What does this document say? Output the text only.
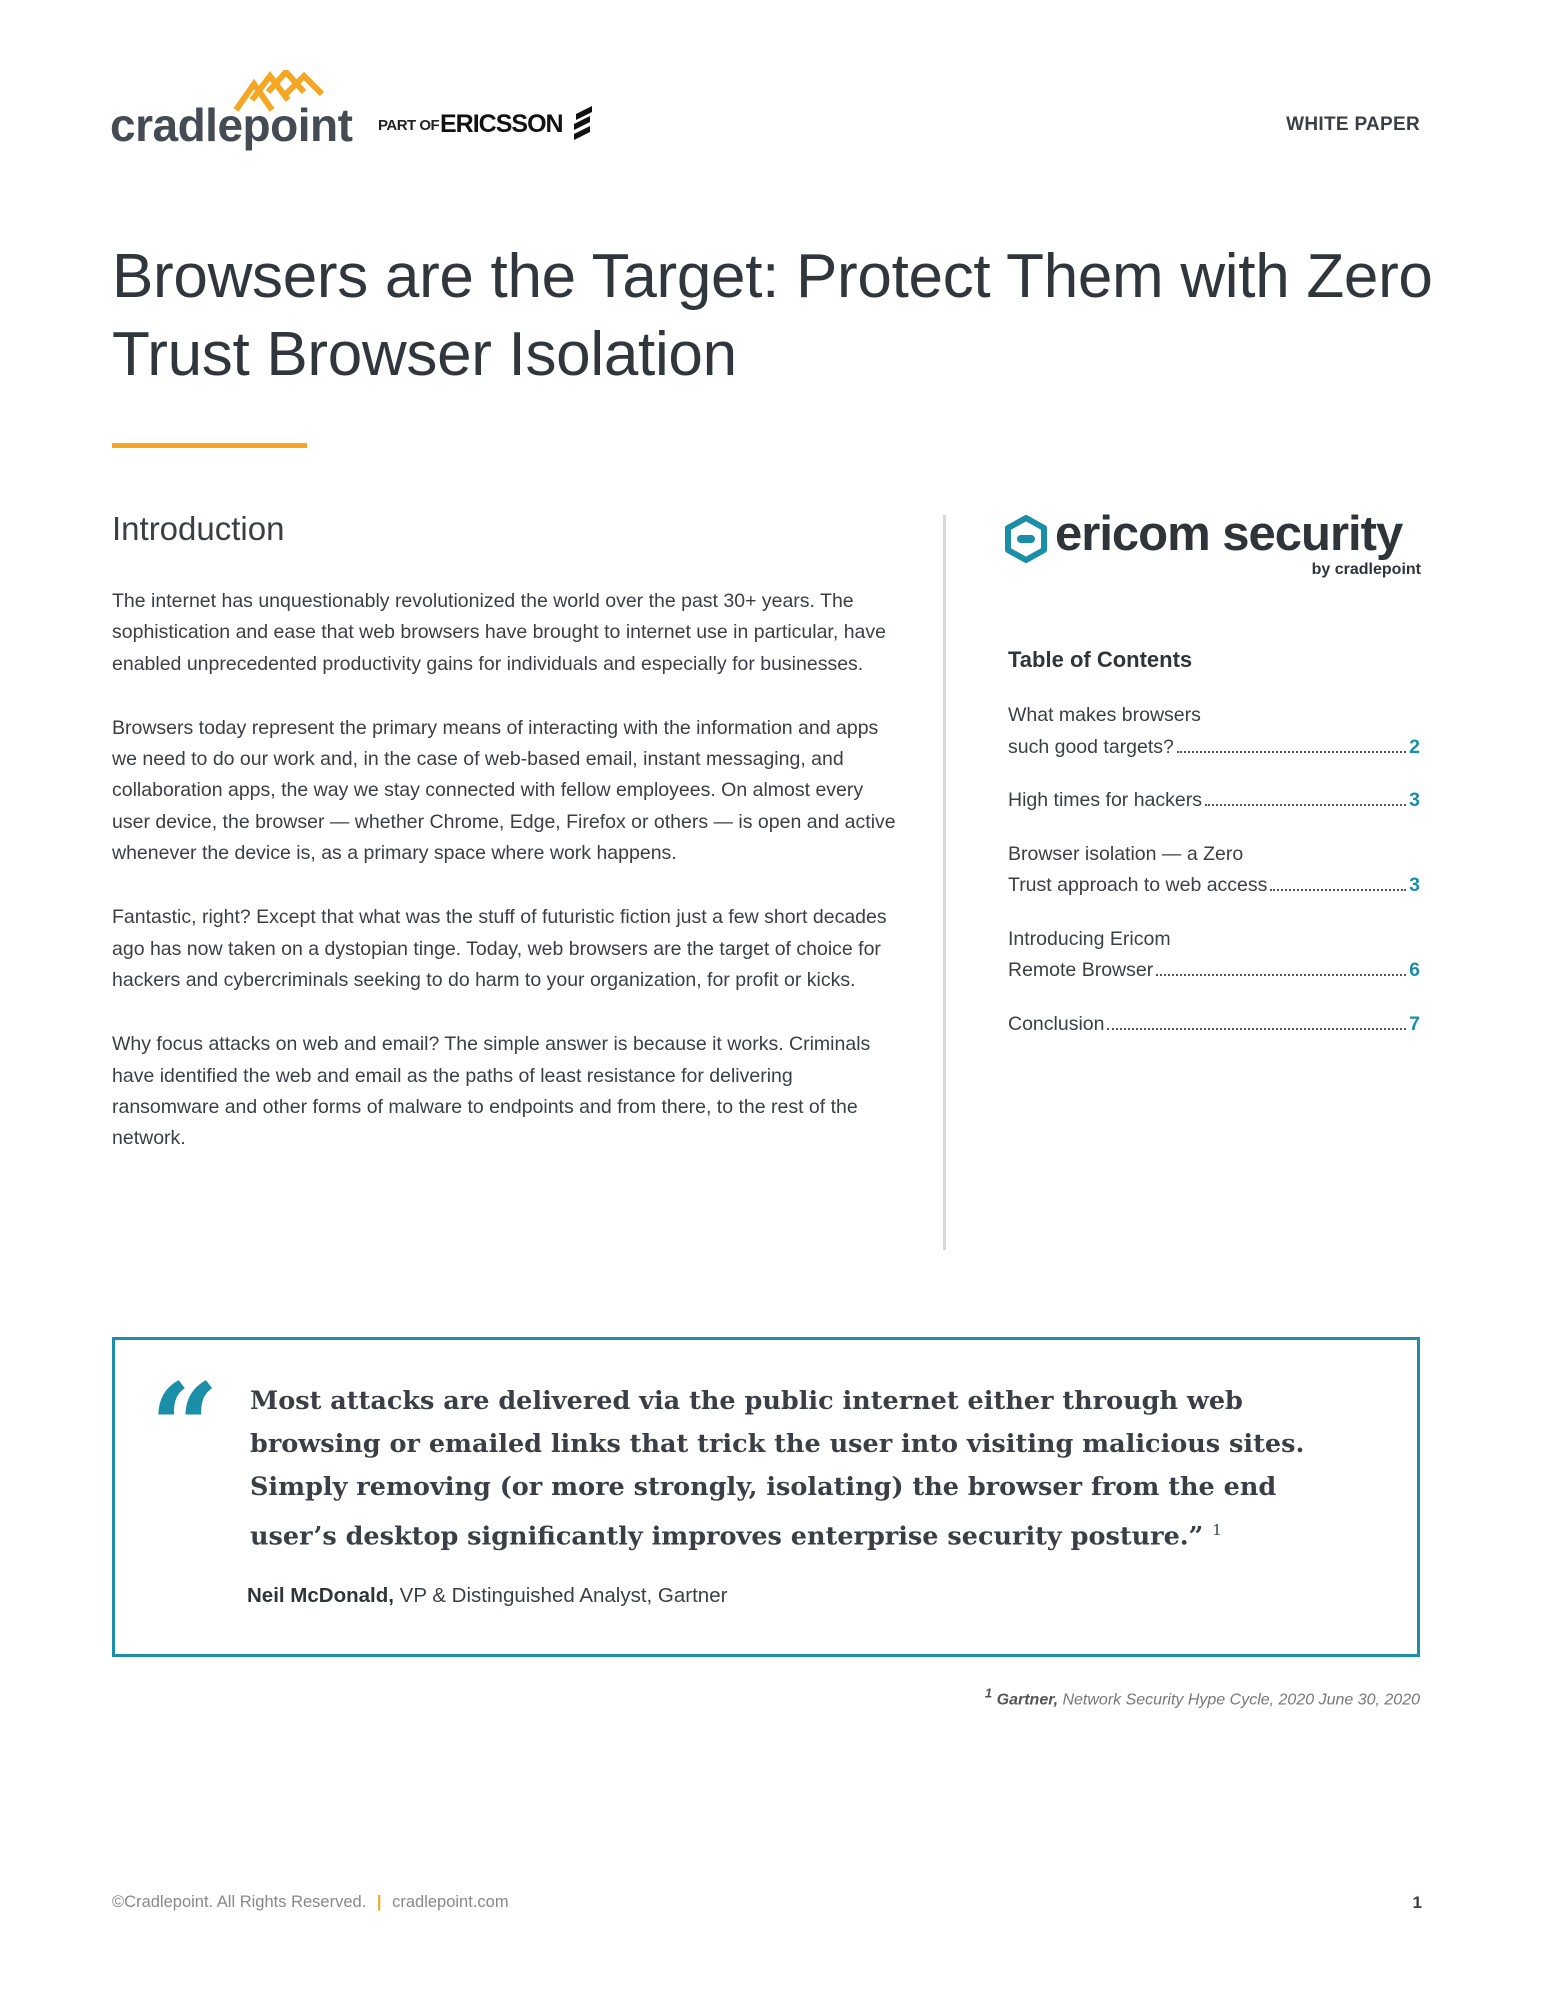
cradlepoint PART OF ERICSSON	WHITE PAPER
Browsers are the Target: Protect Them with Zero Trust Browser Isolation
Introduction

The internet has unquestionably revolutionized the world over the past 30+ years. The sophistication and ease that web browsers have brought to internet use in particular, have enabled unprecedented productivity gains for individuals and especially for businesses.

Browsers today represent the primary means of interacting with the information and apps we need to do our work and, in the case of web-based email, instant messaging, and collaboration apps, the way we stay connected with fellow employees. On almost every user device, the browser — whether Chrome, Edge, Firefox or others — is open and active whenever the device is, as a primary space where work happens.

Fantastic, right? Except that what was the stuff of futuristic fiction just a few short decades ago has now taken on a dystopian tinge. Today, web browsers are the target of choice for hackers and cybercriminals seeking to do harm to your organization, for profit or kicks.

Why focus attacks on web and email? The simple answer is because it works. Criminals have identified the web and email as the paths of least resistance for delivering ransomware and other forms of malware to endpoints and from there, to the rest of the network.

ericom security
by cradlepoint
Table of Contents
What makes browsers
such good targets?	2
High times for hackers	3
Browser isolation — a Zero
Trust approach to web access	3
Introducing Ericom
Remote Browser	6
Conclusion	7
“ Most attacks are delivered via the public internet either through web browsing or emailed links that trick the user into visiting malicious sites. Simply removing (or more strongly, isolating) the browser from the end user’s desktop significantly improves enterprise security posture.” $^1$
Neil McDonald, VP & Distinguished Analyst, Gartner
$^1$ Gartner, Network Security Hype Cycle, 2020 June 30, 2020
©Cradlepoint. All Rights Reserved. | cradlepoint.com	1
